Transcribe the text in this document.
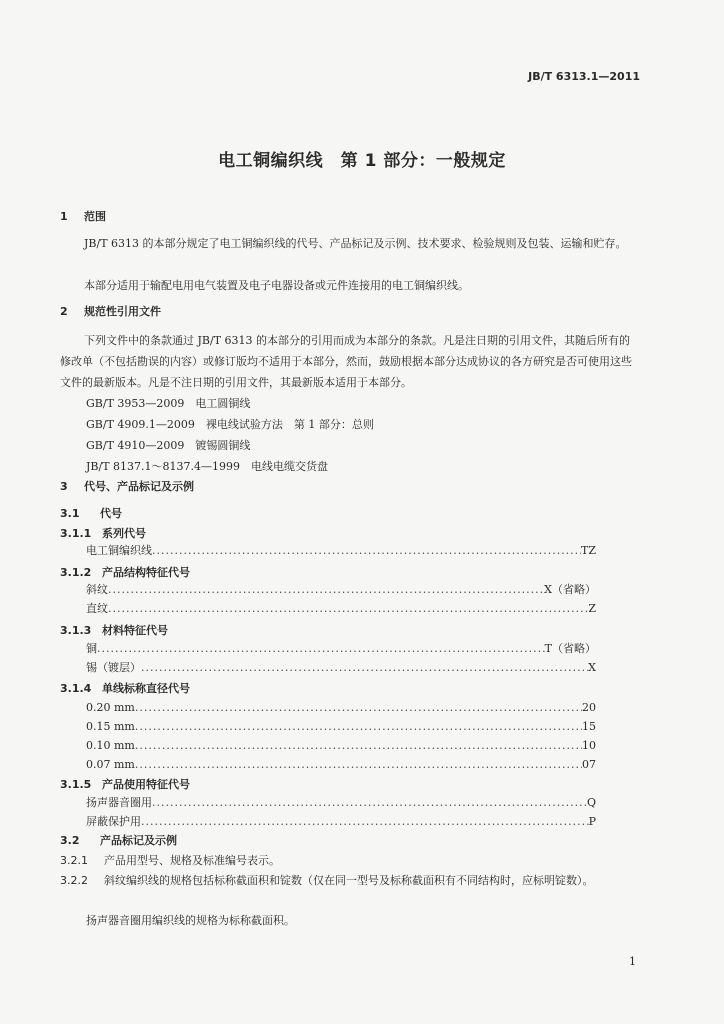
JB/T 6313.1—2011
电工铜编织线　第 1 部分：一般规定
1 范围
JB/T 6313 的本部分规定了电工铜编织线的代号、产品标记及示例、技术要求、检验规则及包装、运输和贮存。
本部分适用于输配电用电气装置及电子电器设备或元件连接用的电工铜编织线。
2 规范性引用文件
下列文件中的条款通过 JB/T 6313 的本部分的引用而成为本部分的条款。凡是注日期的引用文件，其随后所有的修改单（不包括勘误的内容）或修订版均不适用于本部分，然而，鼓励根据本部分达成协议的各方研究是否可使用这些文件的最新版本。凡是不注日期的引用文件，其最新版本适用于本部分。
GB/T 3953—2009　电工圆铜线
GB/T 4909.1—2009　裸电线试验方法　第 1 部分：总则
GB/T 4910—2009　镀锡圆铜线
JB/T 8137.1～8137.4—1999　电线电缆交货盘
3 代号、产品标记及示例
3.1 代号
3.1.1 系列代号
电工铜编织线 .....	TZ
3.1.2 产品结构特征代号
斜纹 .....	X（省略）
直纹 .....	Z
3.1.3 材料特征代号
铜 .....	T（省略）
锡（镀层） .....	X
3.1.4 单线标称直径代号
0.20 mm .....	20
0.15 mm .....	15
0.10 mm .....	10
0.07 mm .....	07
3.1.5 产品使用特征代号
扬声器音圈用 .....	Q
屏蔽保护用 .....	P
3.2 产品标记及示例
3.2.1 产品用型号、规格及标准编号表示。
3.2.2 斜纹编织线的规格包括标称截面积和锭数（仅在同一型号及标称截面积有不同结构时，应标明锭数）。
扬声器音圈用编织线的规格为标称截面积。
1
